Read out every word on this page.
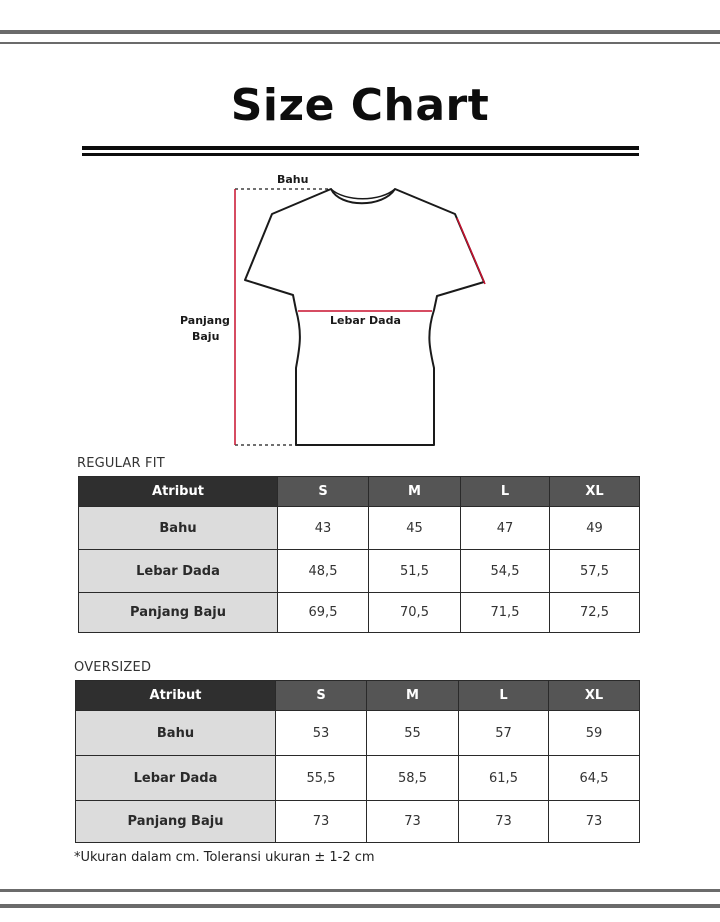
Size Chart
Bahu
Lebar Dada
Panjang
Baju
REGULAR FIT
Atribut	S	M	L	XL
Bahu	43	45	47	49
Lebar Dada	48,5	51,5	54,5	57,5
Panjang Baju	69,5	70,5	71,5	72,5
OVERSIZED
Atribut	S	M	L	XL
Bahu	53	55	57	59
Lebar Dada	55,5	58,5	61,5	64,5
Panjang Baju	73	73	73	73
*Ukuran dalam cm. Toleransi ukuran ± 1-2 cm
